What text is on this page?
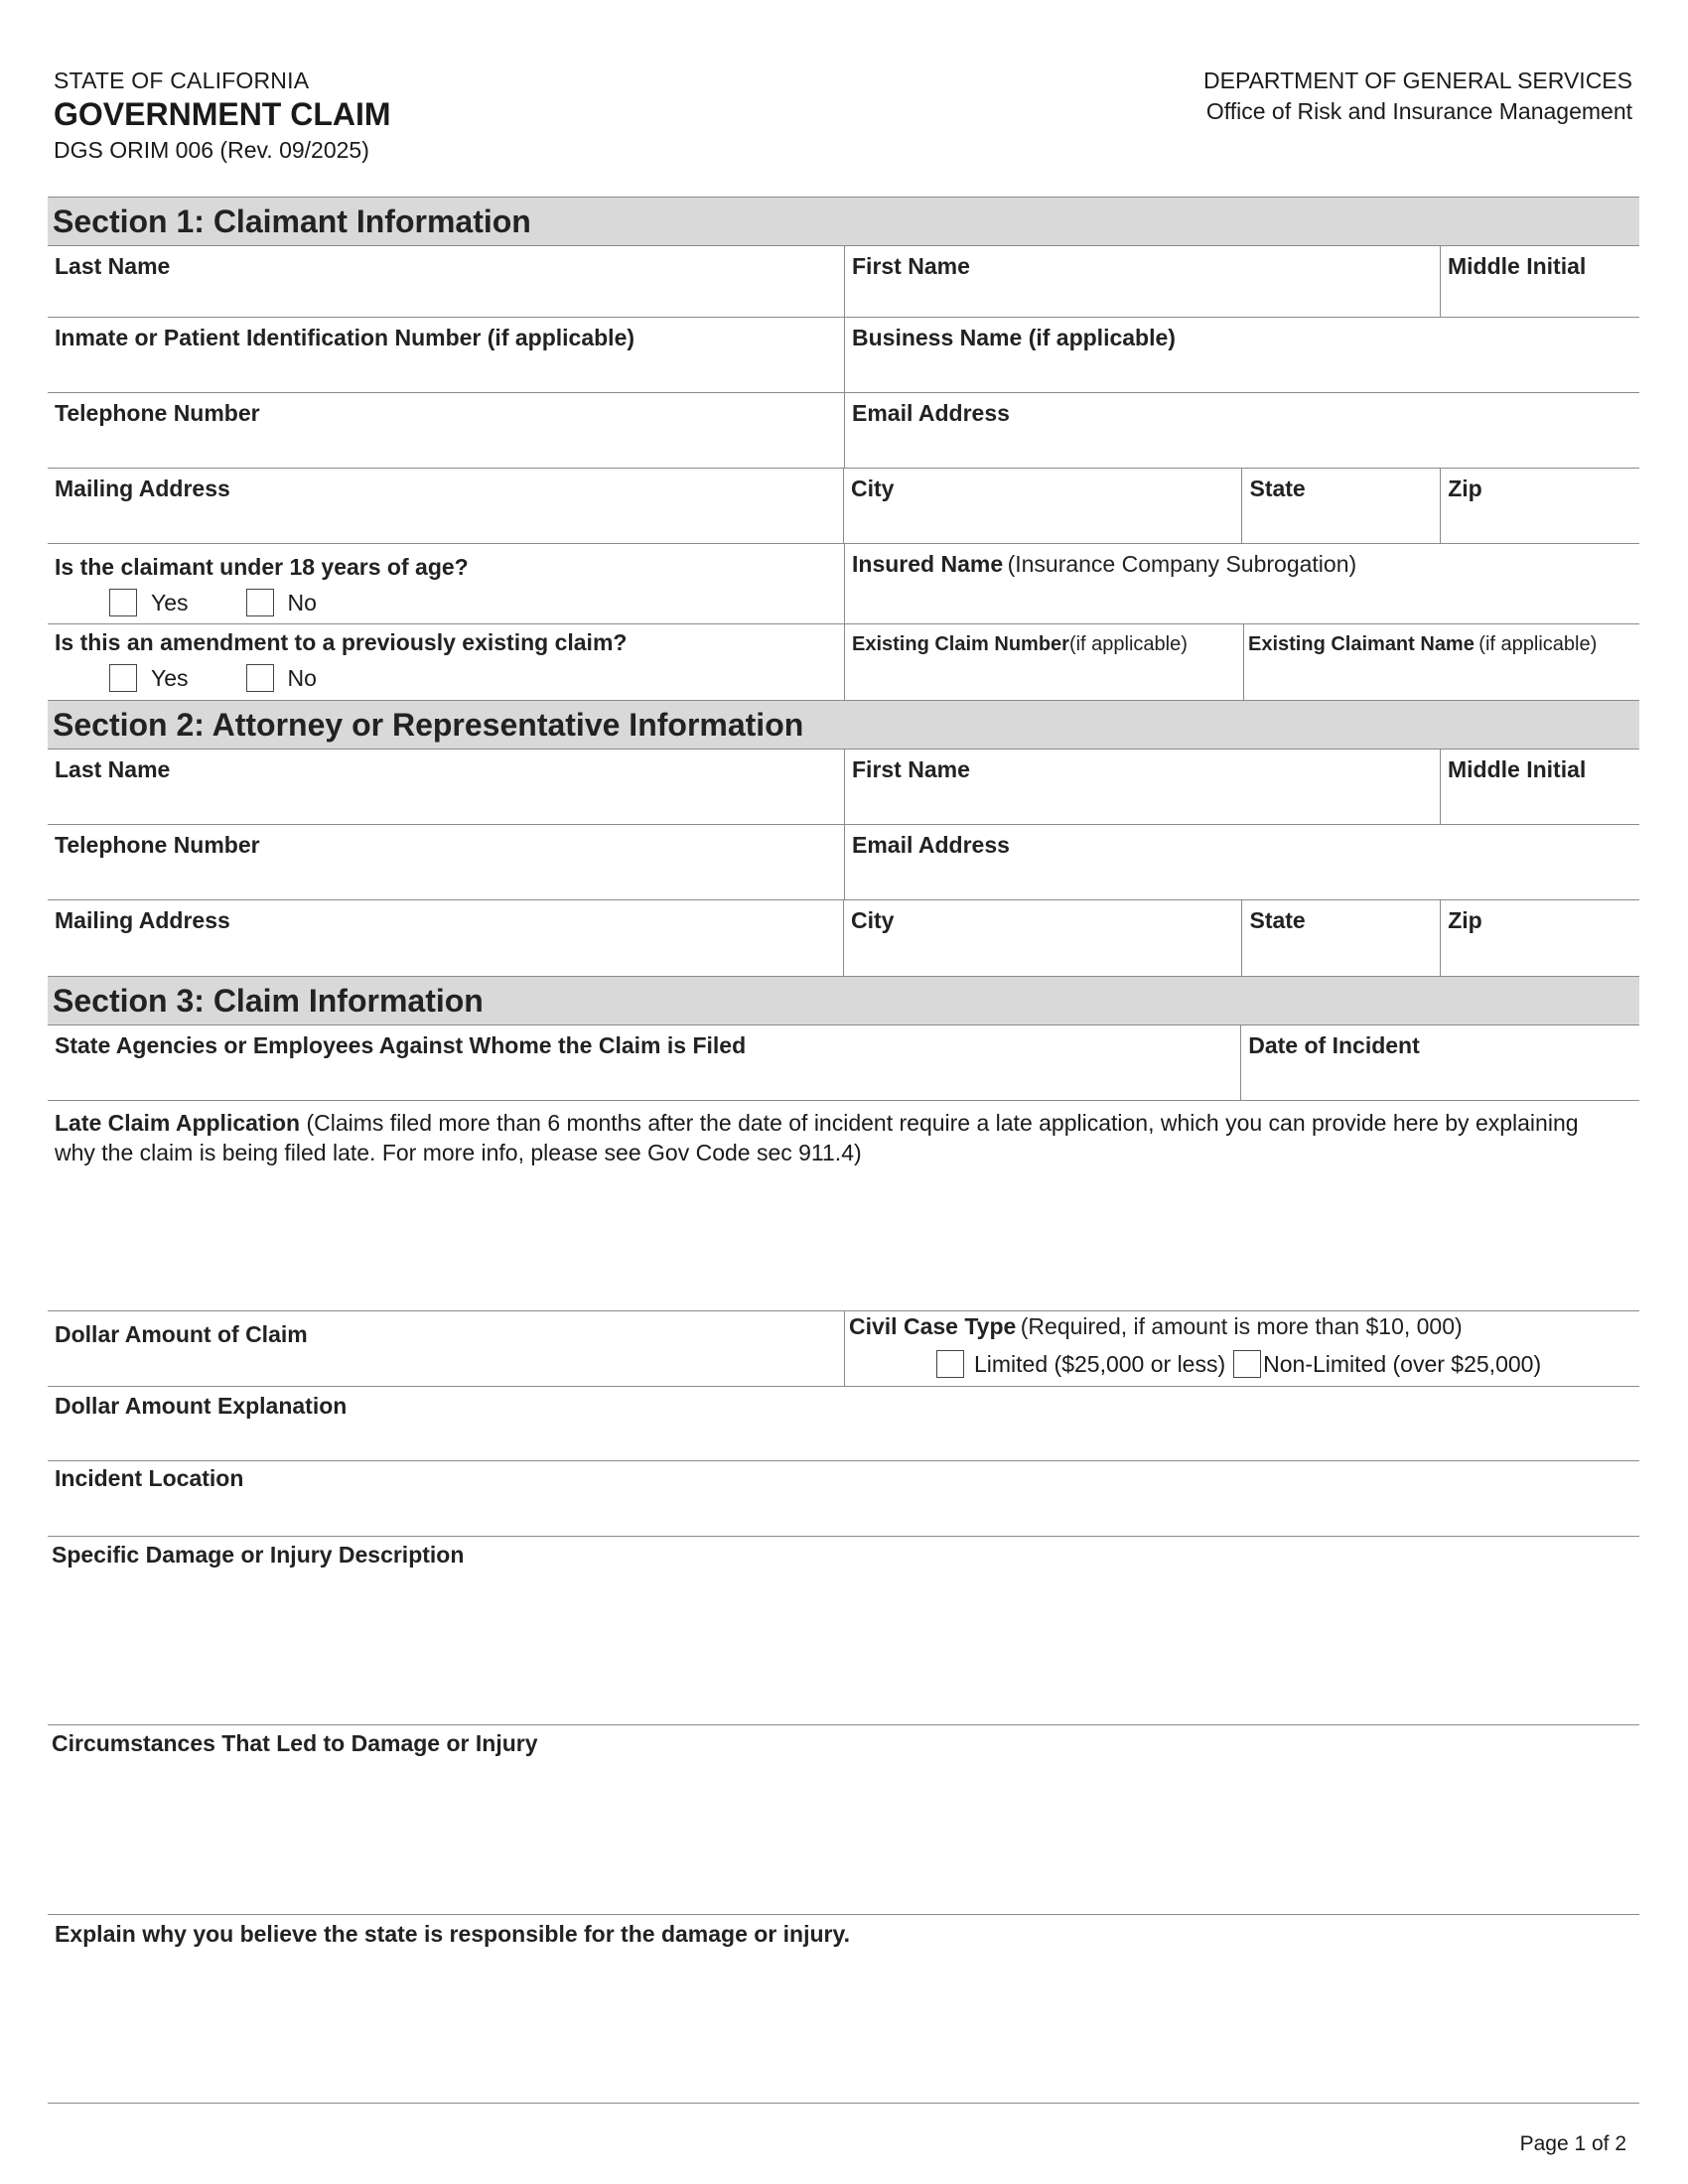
STATE OF CALIFORNIA
GOVERNMENT CLAIM
DGS ORIM 006 (Rev. 09/2025)
DEPARTMENT OF GENERAL SERVICES
Office of Risk and Insurance Management
Section 1: Claimant Information
Last Name	First Name	Middle Initial
Inmate or Patient Identification Number (if applicable)	Business Name (if applicable)
Telephone Number	Email Address
Mailing Address	City	State	Zip
Is the claimant under 18 years of age?
Yes	No
Insured Name (Insurance Company Subrogation)
Is this an amendment to a previously existing claim?
Yes	No
Existing Claim Number(if applicable)	Existing Claimant Name (if applicable)
Section 2: Attorney or Representative Information
Last Name	First Name	Middle Initial
Telephone Number	Email Address
Mailing Address	City	State	Zip
Section 3: Claim Information
State Agencies or Employees Against Whome the Claim is Filed	Date of Incident
Late Claim Application (Claims filed more than 6 months after the date of incident require a late application, which you can provide here by explaining why the claim is being filed late. For more info, please see Gov Code sec 911.4)
Dollar Amount of Claim	Civil Case Type (Required, if amount is more than $10, 000)
Limited ($25,000 or less) Non-Limited (over $25,000)
Dollar Amount Explanation
Incident Location
Specific Damage or Injury Description
Circumstances That Led to Damage or Injury
Explain why you believe the state is responsible for the damage or injury.
Page 1 of 2
